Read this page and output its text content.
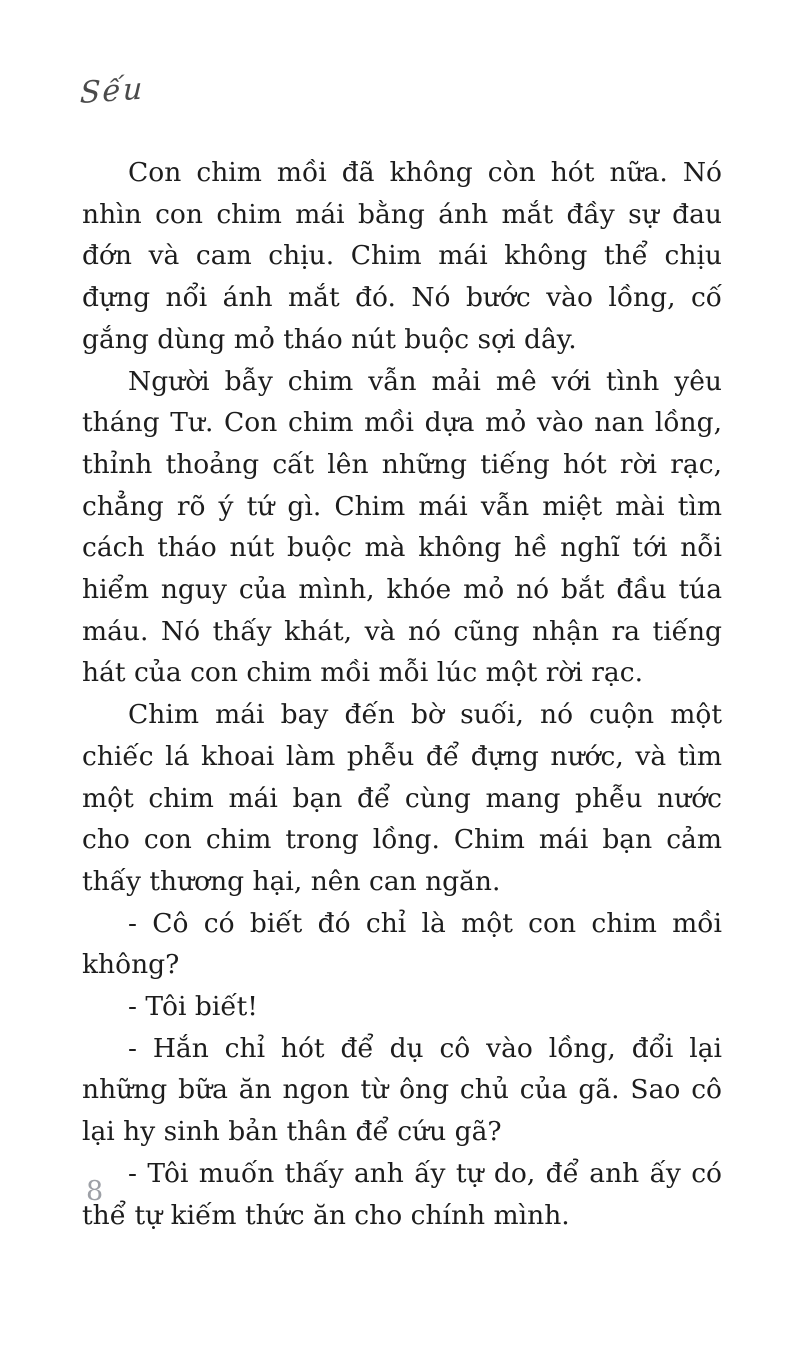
Sếu

Con chim mồi đã không còn hót nữa. Nó nhìn con chim mái bằng ánh mắt đầy sự đau đớn và cam chịu. Chim mái không thể chịu đựng nổi ánh mắt đó. Nó bước vào lồng, cố gắng dùng mỏ tháo nút buộc sợi dây.

Người bẫy chim vẫn mải mê với tình yêu tháng Tư. Con chim mồi dựa mỏ vào nan lồng, thỉnh thoảng cất lên những tiếng hót rời rạc, chẳng rõ ý tứ gì. Chim mái vẫn miệt mài tìm cách tháo nút buộc mà không hề nghĩ tới nỗi hiểm nguy của mình, khóe mỏ nó bắt đầu túa máu. Nó thấy khát, và nó cũng nhận ra tiếng hát của con chim mồi mỗi lúc một rời rạc.

Chim mái bay đến bờ suối, nó cuộn một chiếc lá khoai làm phễu để đựng nước, và tìm một chim mái bạn để cùng mang phễu nước cho con chim trong lồng. Chim mái bạn cảm thấy thương hại, nên can ngăn.

- Cô có biết đó chỉ là một con chim mồi không?

- Tôi biết!

- Hắn chỉ hót để dụ cô vào lồng, đổi lại những bữa ăn ngon từ ông chủ của gã. Sao cô lại hy sinh bản thân để cứu gã?

- Tôi muốn thấy anh ấy tự do, để anh ấy có thể tự kiếm thức ăn cho chính mình.

8
